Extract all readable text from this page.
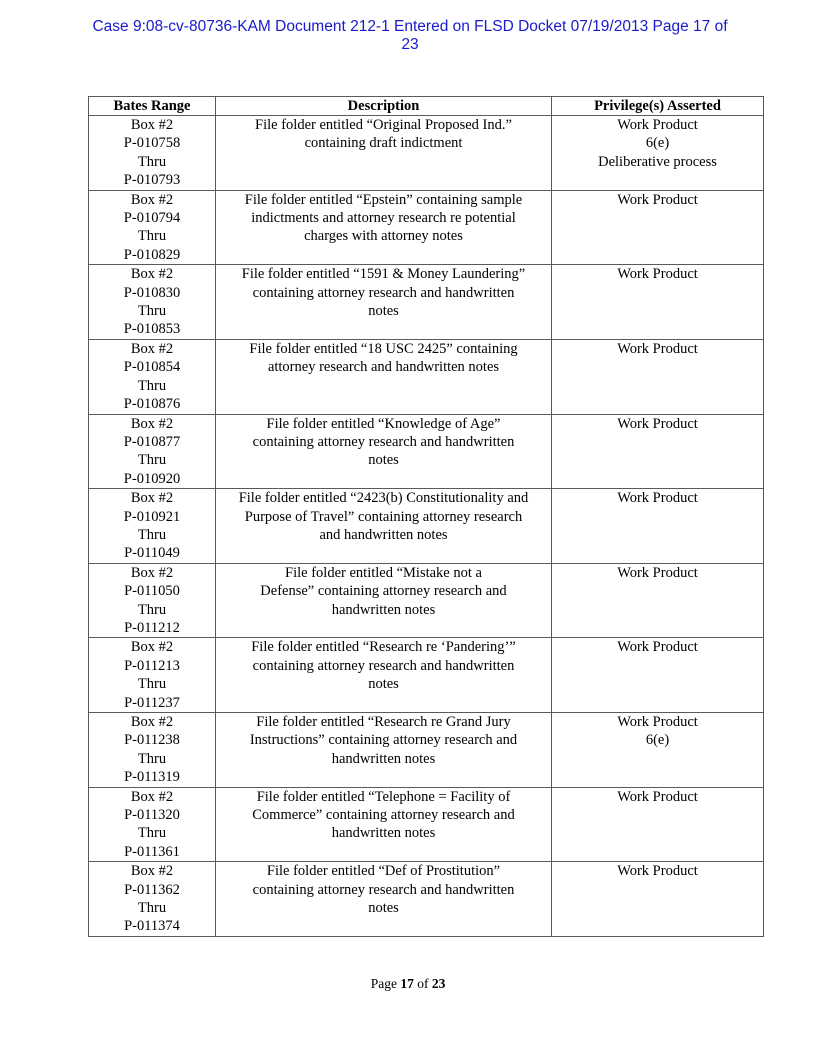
Case 9:08-cv-80736-KAM Document 212-1 Entered on FLSD Docket 07/19/2013 Page 17 of
23
Bates Range	Description	Privilege(s) Asserted

Box #2
P-010758
Thru
P-010793	File folder entitled “Original Proposed Ind.”
containing draft indictment	Work Product
6(e)
Deliberative process

Box #2
P-010794
Thru
P-010829	File folder entitled “Epstein” containing sample
indictments and attorney research re potential
charges with attorney notes	Work Product

Box #2
P-010830
Thru
P-010853	File folder entitled “1591 & Money Laundering”
containing attorney research and handwritten
notes	Work Product

Box #2
P-010854
Thru
P-010876	File folder entitled “18 USC 2425” containing
attorney research and handwritten notes	Work Product

Box #2
P-010877
Thru
P-010920	File folder entitled “Knowledge of Age”
containing attorney research and handwritten
notes	Work Product

Box #2
P-010921
Thru
P-011049	File folder entitled “2423(b) Constitutionality and
Purpose of Travel” containing attorney research
and handwritten notes	Work Product

Box #2
P-011050
Thru
P-011212	File folder entitled “Mistake not a
Defense” containing attorney research and
handwritten notes	Work Product

Box #2
P-011213
Thru
P-011237	File folder entitled “Research re ‘Pandering’”
containing attorney research and handwritten
notes	Work Product

Box #2
P-011238
Thru
P-011319	File folder entitled “Research re Grand Jury
Instructions” containing attorney research and
handwritten notes	Work Product
6(e)

Box #2
P-011320
Thru
P-011361	File folder entitled “Telephone = Facility of
Commerce” containing attorney research and
handwritten notes	Work Product

Box #2
P-011362
Thru
P-011374	File folder entitled “Def of Prostitution”
containing attorney research and handwritten
notes	Work Product
Page 17 of 23
